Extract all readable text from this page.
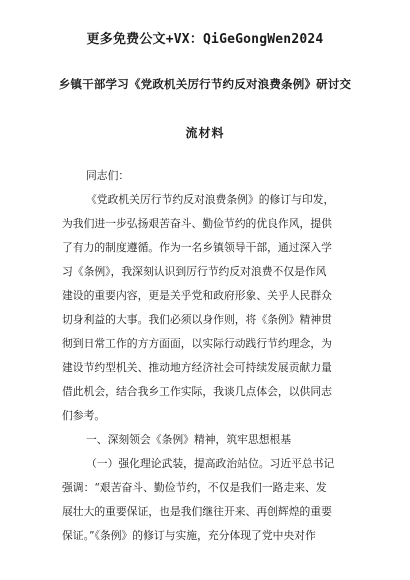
更多免费公文+VX：QiGeGongWen2024
乡镇干部学习《党政机关厉行节约反对浪费条例》研讨交
流材料
同志们：
《党政机关厉行节约反对浪费条例》的修订与印发，
为我们进一步弘扬艰苦奋斗、勤俭节约的优良作风，提供
了有力的制度遵循。作为一名乡镇领导干部，通过深入学
习《条例》，我深刻认识到厉行节约反对浪费不仅是作风
建设的重要内容，更是关乎党和政府形象、关乎人民群众
切身利益的大事。我们必须以身作则，将《条例》精神贯
彻到日常工作的方方面面，以实际行动践行节约理念，为
建设节约型机关、推动地方经济社会可持续发展贡献力量
借此机会，结合我乡工作实际，我谈几点体会，以供同志
们参考。
一、深刻领会《条例》精神，筑牢思想根基
（一）强化理论武装，提高政治站位。习近平总书记
强调：“艰苦奋斗、勤俭节约，不仅是我们一路走来、发
展壮大的重要保证，也是我们继往开来、再创辉煌的重要
保证。”《条例》的修订与实施，充分体现了党中央对作
